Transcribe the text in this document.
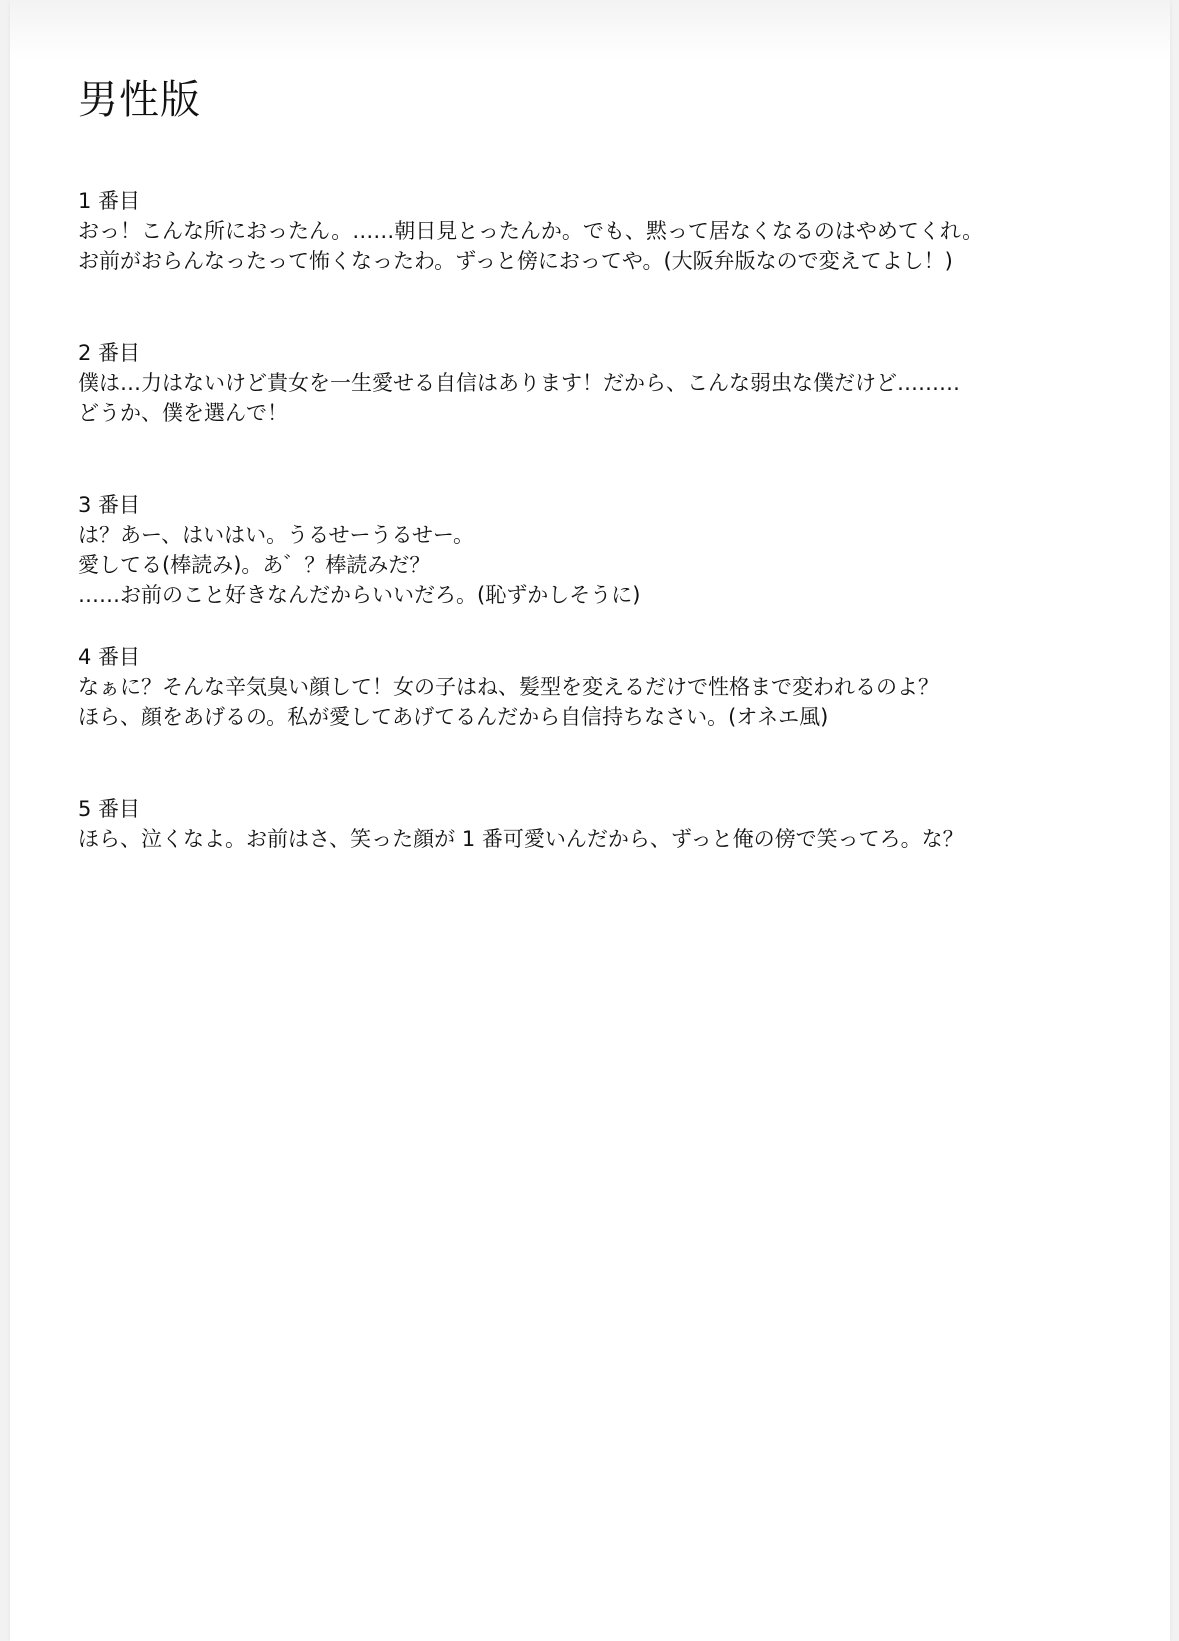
男性版

1 番目

おっ！こんな所におったん。……朝日見とったんか。でも、黙って居なくなるのはやめてくれ。

お前がおらんなったって怖くなったわ。ずっと傍におってや。(大阪弁版なので変えてよし！)

2 番目

僕は…力はないけど貴女を一生愛せる自信はあります！だから、こんな弱虫な僕だけど………

どうか、僕を選んで！

3 番目

は？あー、はいはい。うるせーうるせー。

愛してる(棒読み)。あ゛？棒読みだ？

……お前のこと好きなんだからいいだろ。(恥ずかしそうに)

4 番目

なぁに？そんな辛気臭い顔して！女の子はね、髪型を変えるだけで性格まで変われるのよ？

ほら、顔をあげるの。私が愛してあげてるんだから自信持ちなさい。(オネエ風)

5 番目

ほら、泣くなよ。お前はさ、笑った顔が 1 番可愛いんだから、ずっと俺の傍で笑ってろ。な？
